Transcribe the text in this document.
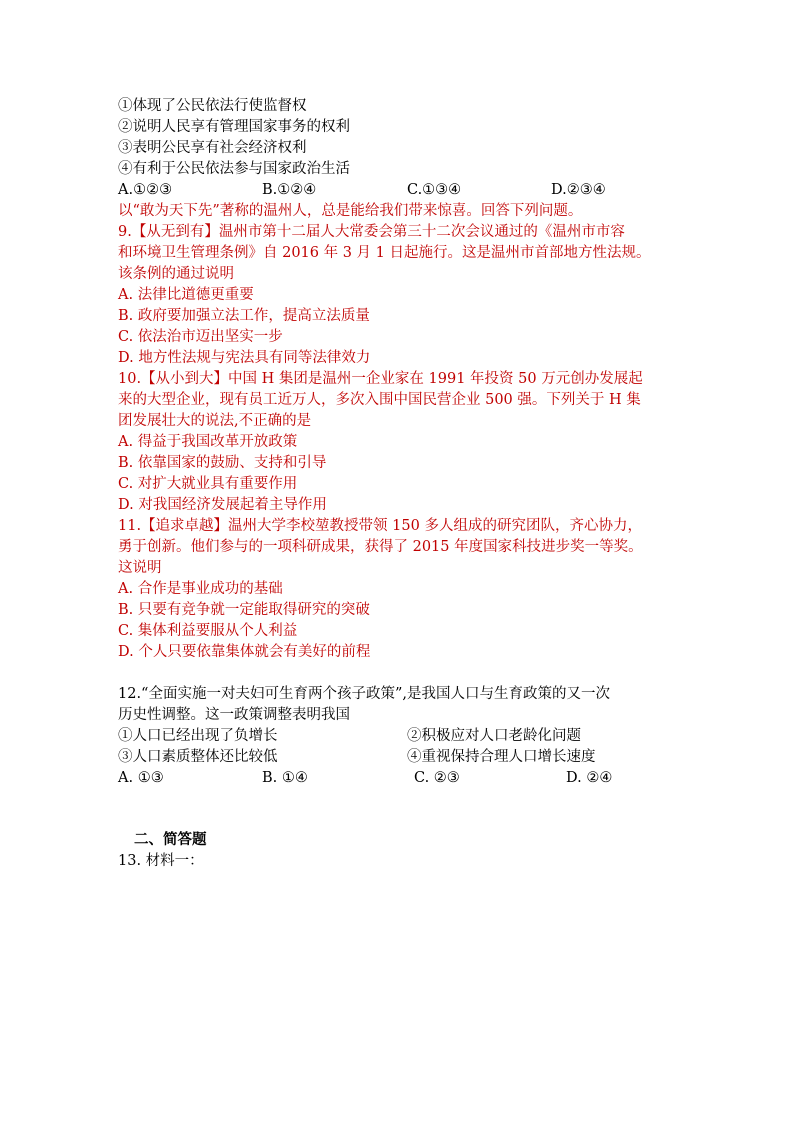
①体现了公民依法行使监督权
②说明人民享有管理国家事务的权利
③表明公民享有社会经济权利
④有利于公民依法参与国家政治生活
A.①②③	B.①②④	C.①③④	D.②③④
以“敢为天下先”著称的温州人，总是能给我们带来惊喜。回答下列问题。
9.【从无到有】温州市第十二届人大常委会第三十二次会议通过的《温州市市容
和环境卫生管理条例》自 2016 年 3 月 1 日起施行。这是温州市首部地方性法规。
该条例的通过说明
A. 法律比道德更重要
B. 政府要加强立法工作，提高立法质量
C. 依法治市迈出坚实一步
D. 地方性法规与宪法具有同等法律效力
10.【从小到大】中国 H 集团是温州一企业家在 1991 年投资 50 万元创办发展起
来的大型企业，现有员工近万人，多次入围中国民营企业 500 强。下列关于 H 集
团发展壮大的说法,不正确的是
A. 得益于我国改革开放政策
B. 依靠国家的鼓励、支持和引导
C. 对扩大就业具有重要作用
D. 对我国经济发展起着主导作用
11.【追求卓越】温州大学李校堃教授带领 150 多人组成的研究团队，齐心协力，
勇于创新。他们参与的一项科研成果，获得了 2015 年度国家科技进步奖一等奖。
这说明
A. 合作是事业成功的基础
B. 只要有竞争就一定能取得研究的突破
C. 集体利益要服从个人利益
D. 个人只要依靠集体就会有美好的前程
12.“全面实施一对夫妇可生育两个孩子政策”,是我国人口与生育政策的又一次
历史性调整。这一政策调整表明我国
①人口已经出现了负增长	②积极应对人口老龄化问题
③人口素质整体还比较低	④重视保持合理人口增长速度
A. ①③	B. ①④	C. ②③	D. ②④
二、简答题
13. 材料一：
